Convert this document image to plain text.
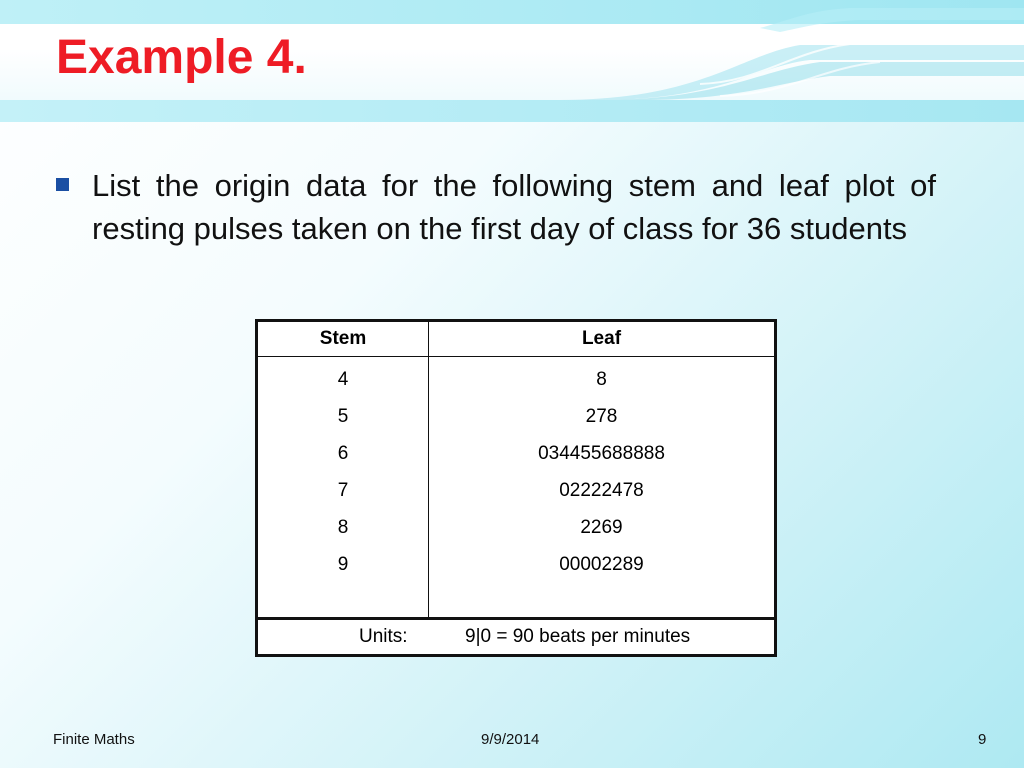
Example 4.

List the origin data for the following stem and leaf plot of resting pulses taken on the first day of class for 36 students

Stem	Leaf
4	8
5	278
6	034455688888
7	02222478
8	2269
9	00002289

Units: 9|0 = 90 beats per minutes	
Finite Maths	9/9/2014	9
